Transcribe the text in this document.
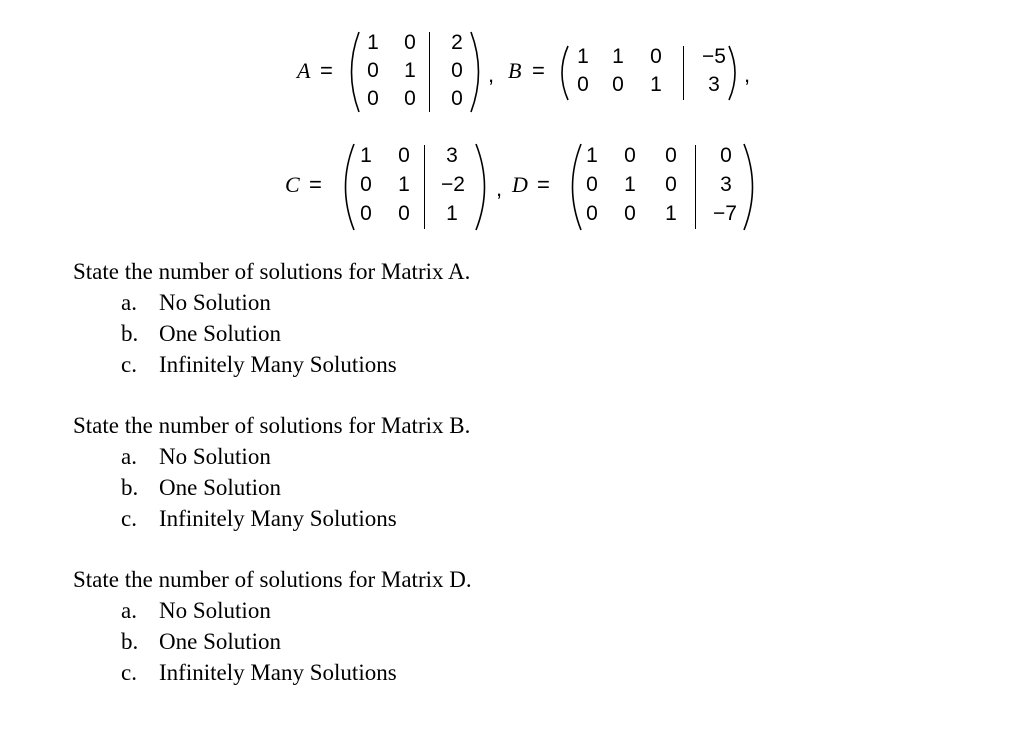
A =
1	0	2
0	1	0
0	0	0
, B =
1	1	0	−5
0	0	1	3	,
C =
1	0	3
0	1	−2
0	0	1
, D =
1	0	0	0
0	1	0	3
0	0	1	−7
State the number of solutions for Matrix A.
a. No Solution
b. One Solution
c. Infinitely Many Solutions
State the number of solutions for Matrix B.
a. No Solution
b. One Solution
c. Infinitely Many Solutions
State the number of solutions for Matrix D.
a. No Solution
b. One Solution
c. Infinitely Many Solutions
